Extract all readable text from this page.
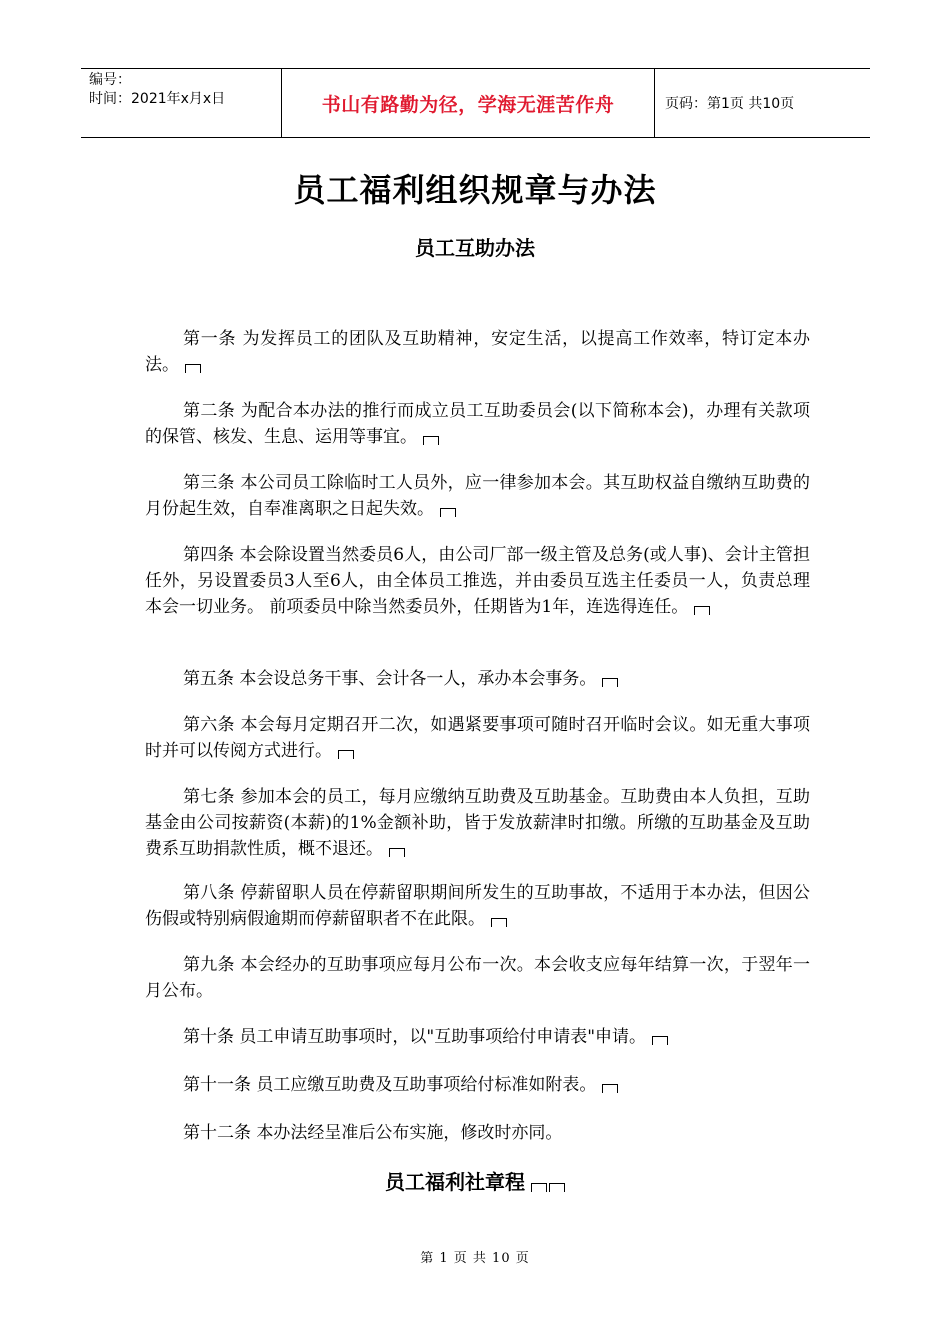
编号：
时间：2021年x月x日	书山有路勤为径，学海无涯苦作舟	页码：第1页 共10页
员工福利组织规章与办法
员工互助办法
第一条 为发挥员工的团队及互助精神，安定生活，以提高工作效率，特订定本办法。
第二条 为配合本办法的推行而成立员工互助委员会(以下简称本会)，办理有关款项的保管、核发、生息、运用等事宜。
第三条 本公司员工除临时工人员外，应一律参加本会。其互助权益自缴纳互助费的月份起生效，自奉准离职之日起失效。
第四条 本会除设置当然委员6人，由公司厂部一级主管及总务(或人事)、会计主管担任外，另设置委员3人至6人，由全体员工推选，并由委员互选主任委员一人，负责总理本会一切业务。 前项委员中除当然委员外，任期皆为1年，连选得连任。
第五条 本会设总务干事、会计各一人，承办本会事务。
第六条 本会每月定期召开二次，如遇紧要事项可随时召开临时会议。如无重大事项时并可以传阅方式进行。
第七条 参加本会的员工，每月应缴纳互助费及互助基金。互助费由本人负担，互助基金由公司按薪资(本薪)的1%金额补助，皆于发放薪津时扣缴。所缴的互助基金及互助费系互助捐款性质，概不退还。
第八条 停薪留职人员在停薪留职期间所发生的互助事故，不适用于本办法，但因公伤假或特别病假逾期而停薪留职者不在此限。
第九条 本会经办的互助事项应每月公布一次。本会收支应每年结算一次，于翌年一月公布。
第十条 员工申请互助事项时，以"互助事项给付申请表"申请。
第十一条 员工应缴互助费及互助事项给付标准如附表。
第十二条 本办法经呈准后公布实施，修改时亦同。
员工福利社章程
第 1 页 共 10 页
